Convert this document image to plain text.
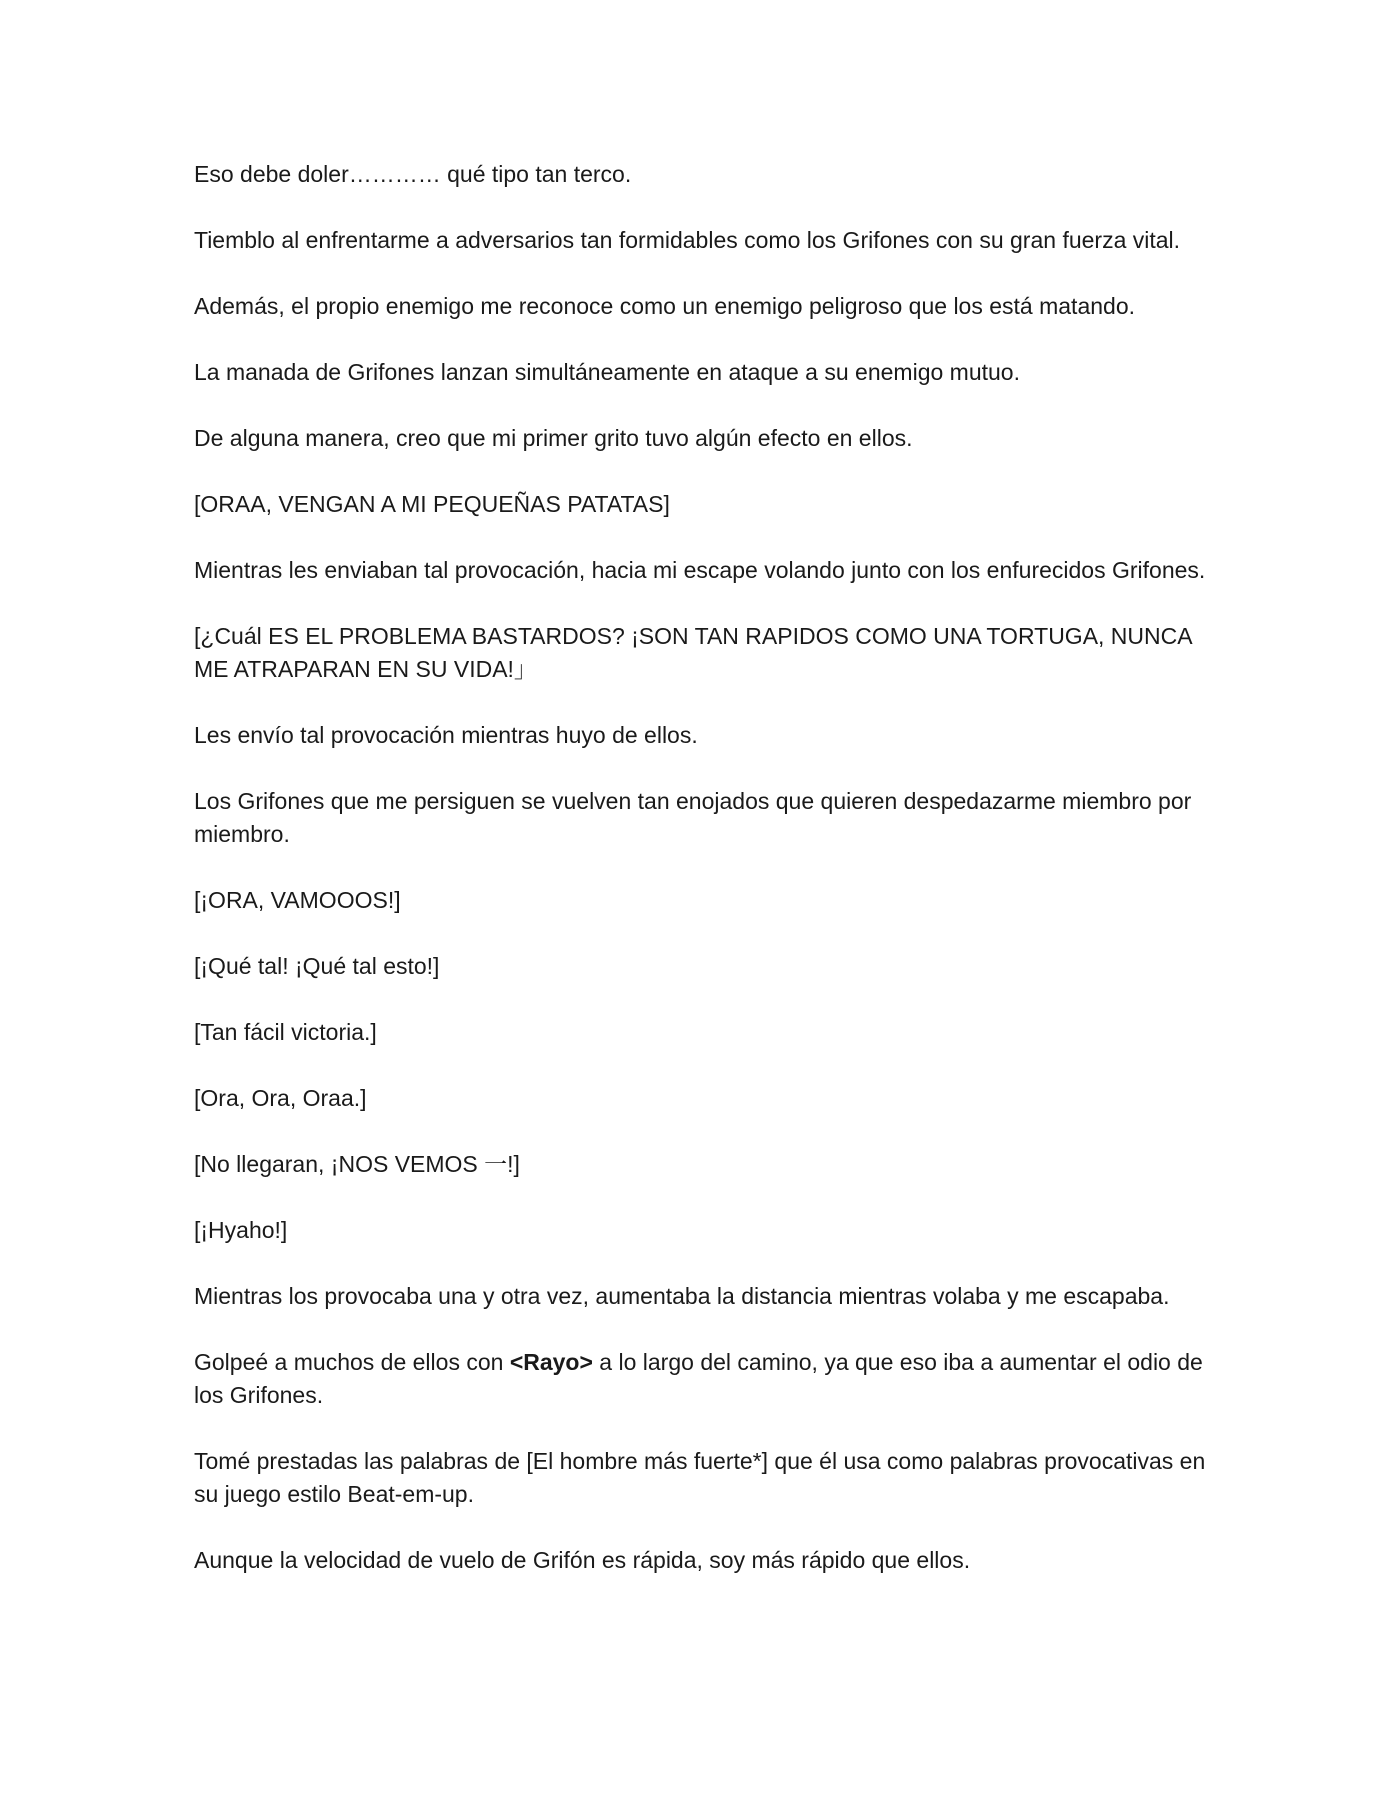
Eso debe doler………… qué tipo tan terco.

Tiemblo al enfrentarme a adversarios tan formidables como los Grifones con su gran fuerza vital.

Además, el propio enemigo me reconoce como un enemigo peligroso que los está matando.

La manada de Grifones lanzan simultáneamente en ataque a su enemigo mutuo.

De alguna manera, creo que mi primer grito tuvo algún efecto en ellos.

[ORAA, VENGAN A MI PEQUEÑAS PATATAS]

Mientras les enviaban tal provocación, hacia mi escape volando junto con los enfurecidos Grifones.

[¿Cuál ES EL PROBLEMA BASTARDOS? ¡SON TAN RAPIDOS COMO UNA TORTUGA, NUNCA ME ATRAPARAN EN SU VIDA!」

Les envío tal provocación mientras huyo de ellos.

Los Grifones que me persiguen se vuelven tan enojados que quieren despedazarme miembro por miembro.

[¡ORA, VAMOOOS!]

[¡Qué tal! ¡Qué tal esto!]

[Tan fácil victoria.]

[Ora, Ora, Oraa.]

[No llegaran, ¡NOS VEMOS 一!]

[¡Hyaho!]

Mientras los provocaba una y otra vez, aumentaba la distancia mientras volaba y me escapaba.

Golpeé a muchos de ellos con <Rayo> a lo largo del camino, ya que eso iba a aumentar el odio de los Grifones.

Tomé prestadas las palabras de [El hombre más fuerte*] que él usa como palabras provocativas en su juego estilo Beat-em-up.

Aunque la velocidad de vuelo de Grifón es rápida, soy más rápido que ellos.
